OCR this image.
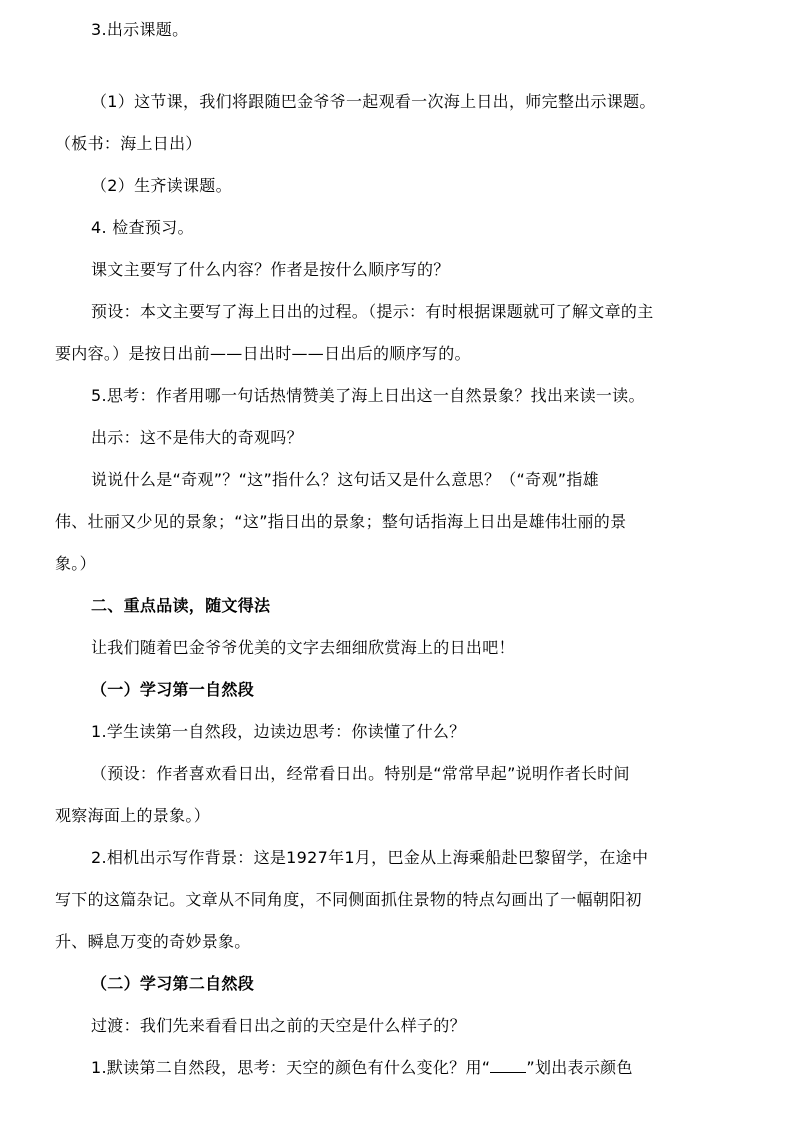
3.出示课题。
（1）这节课，我们将跟随巴金爷爷一起观看一次海上日出，师完整出示课题。
（板书：海上日出）
（2）生齐读课题。
4. 检查预习。
课文主要写了什么内容？作者是按什么顺序写的？
预设：本文主要写了海上日出的过程。（提示：有时根据课题就可了解文章的主
要内容。）是按日出前——日出时——日出后的顺序写的。
5.思考：作者用哪一句话热情赞美了海上日出这一自然景象？找出来读一读。
出示：这不是伟大的奇观吗？
说说什么是“奇观”？“这”指什么？这句话又是什么意思？（“奇观”指雄
伟、壮丽又少见的景象；“这”指日出的景象；整句话指海上日出是雄伟壮丽的景
象。）
二、重点品读，随文得法
让我们随着巴金爷爷优美的文字去细细欣赏海上的日出吧！
（一）学习第一自然段
1.学生读第一自然段，边读边思考：你读懂了什么？
（预设：作者喜欢看日出，经常看日出。特别是“常常早起”说明作者长时间
观察海面上的景象。）
2.相机出示写作背景：这是1927年1月，巴金从上海乘船赴巴黎留学，在途中
写下的这篇杂记。文章从不同角度，不同侧面抓住景物的特点勾画出了一幅朝阳初
升、瞬息万变的奇妙景象。
（二）学习第二自然段
过渡：我们先来看看日出之前的天空是什么样子的？
1.默读第二自然段，思考：天空的颜色有什么变化？用“ ”划出表示颜色
